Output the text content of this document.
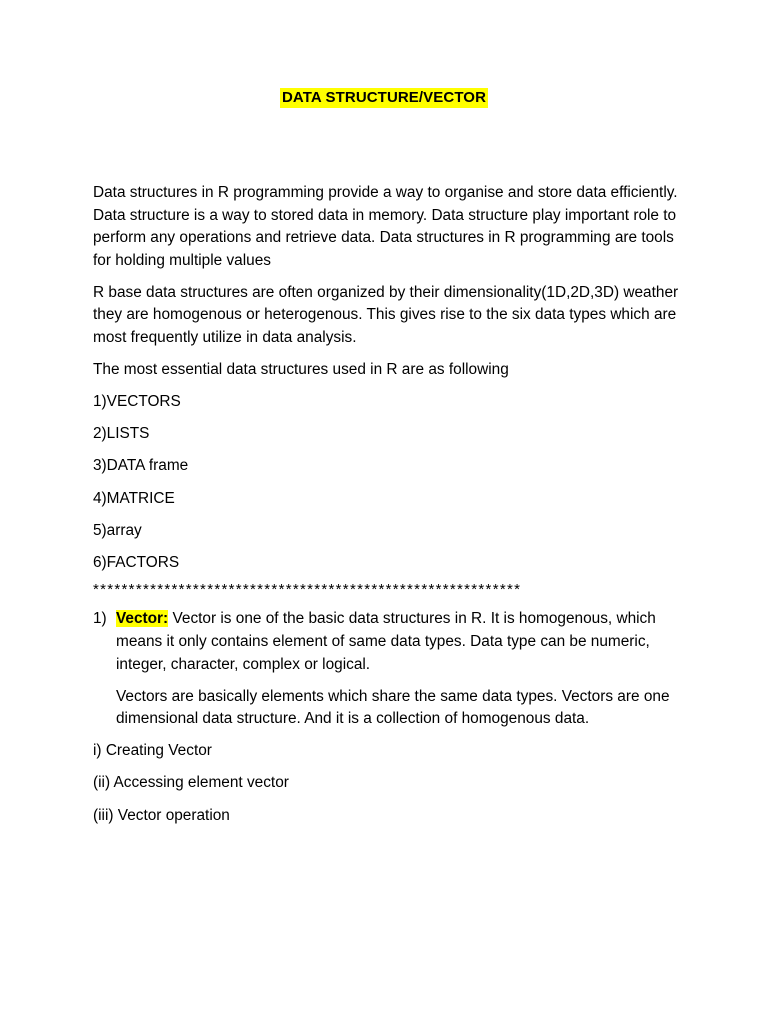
DATA STRUCTURE/VECTOR

Data structures in R programming provide a way to organise and store data efficiently. Data structure is a way to stored data in memory. Data structure play important role to perform any operations and retrieve data. Data structures in R programming are tools for holding multiple values

R base data structures are often organized by their dimensionality(1D,2D,3D) weather they are homogenous or heterogenous. This gives rise to the six data types which are most frequently utilize in data analysis.

The most essential data structures used in R are as following

1)VECTORS
2)LISTS
3)DATA frame
4)MATRICE
5)array
6)FACTORS
************************************************************
1) Vector: Vector is one of the basic data structures in R. It is homogenous, which means it only contains element of same data types. Data type can be numeric, integer, character, complex or logical.

Vectors are basically elements which share the same data types. Vectors are one dimensional data structure. And it is a collection of homogenous data.

i) Creating Vector
(ii) Accessing element vector
(iii) Vector operation
